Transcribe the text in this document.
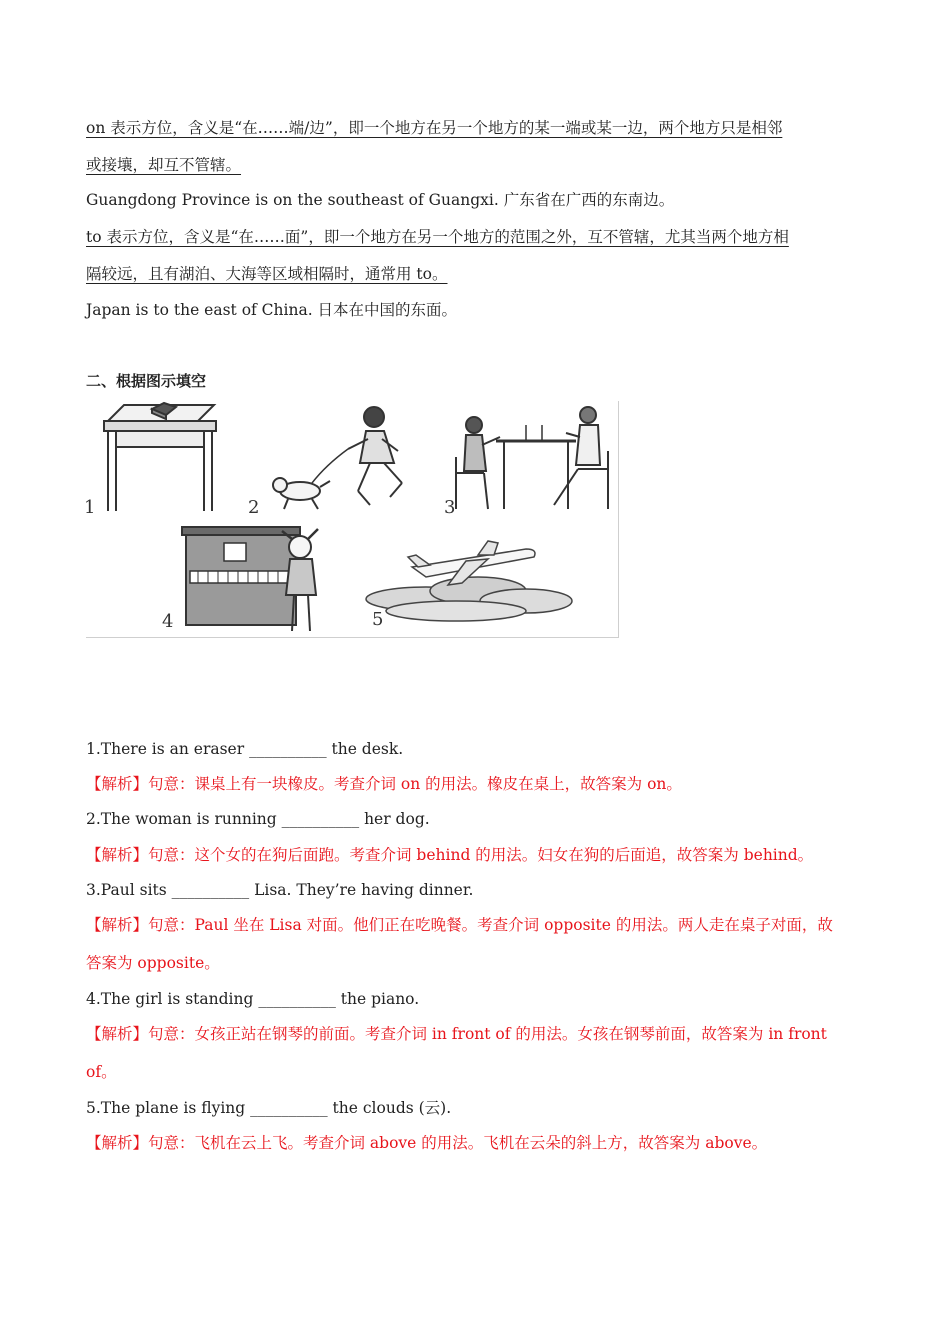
on 表示方位，含义是“在……端/边”，即一个地方在另一个地方的某一端或某一边，两个地方只是相邻
或接壤，却互不管辖。
Guangdong Province is on the southeast of Guangxi. 广东省在广西的东南边。
to 表示方位，含义是“在……面”，即一个地方在另一个地方的范围之外，互不管辖，尤其当两个地方相
隔较远，且有湖泊、大海等区域相隔时，通常用 to。
Japan is to the east of China. 日本在中国的东面。
二、根据图示填空
1	2	3
4	5
1.There is an eraser __________ the desk.
【解析】句意：课桌上有一块橡皮。考查介词 on 的用法。橡皮在桌上，故答案为 on。
2.The woman is running __________ her dog.
【解析】句意：这个女的在狗后面跑。考查介词 behind 的用法。妇女在狗的后面追，故答案为 behind。
3.Paul sits __________ Lisa. They’re having dinner.
【解析】句意：Paul 坐在 Lisa 对面。他们正在吃晚餐。考查介词 opposite 的用法。两人走在桌子对面，故
答案为 opposite。
4.The girl is standing __________ the piano.
【解析】句意：女孩正站在钢琴的前面。考查介词 in front of 的用法。女孩在钢琴前面，故答案为 in front
of。
5.The plane is flying __________ the clouds (云).
【解析】句意：飞机在云上飞。考查介词 above 的用法。飞机在云朵的斜上方，故答案为 above。
